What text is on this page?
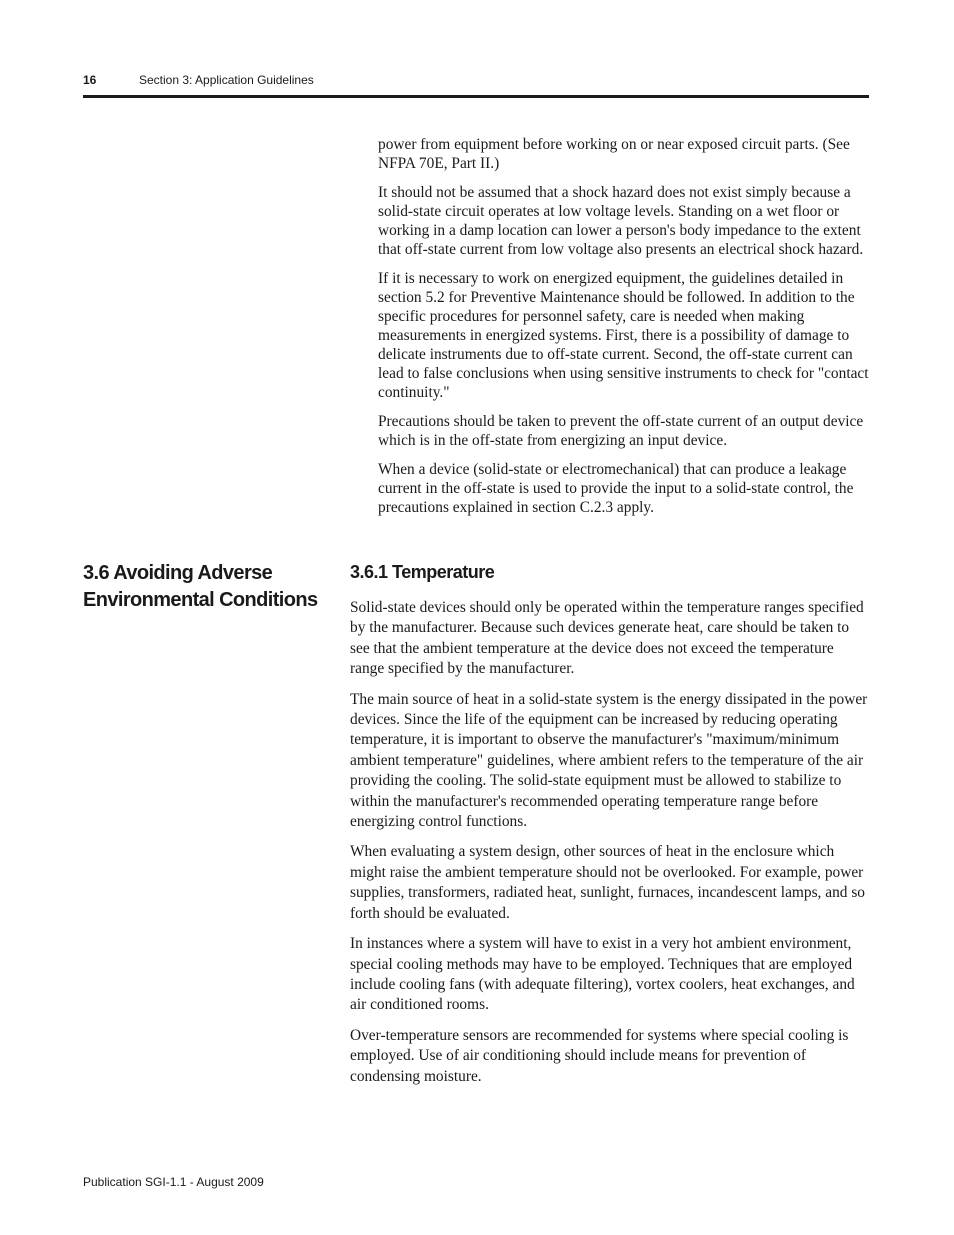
16	Section 3: Application Guidelines

power from equipment before working on or near exposed circuit parts. (See NFPA 70E, Part II.)

It should not be assumed that a shock hazard does not exist simply because a solid-state circuit operates at low voltage levels. Standing on a wet floor or working in a damp location can lower a person's body impedance to the extent that off-state current from low voltage also presents an electrical shock hazard.

If it is necessary to work on energized equipment, the guidelines detailed in section 5.2 for Preventive Maintenance should be followed. In addition to the specific procedures for personnel safety, care is needed when making measurements in energized systems. First, there is a possibility of damage to delicate instruments due to off-state current. Second, the off-state current can lead to false conclusions when using sensitive instruments to check for "contact continuity."

Precautions should be taken to prevent the off-state current of an output device which is in the off-state from energizing an input device.

When a device (solid-state or electromechanical) that can produce a leakage current in the off-state is used to provide the input to a solid-state control, the precautions explained in section C.2.3 apply.

3.6 Avoiding Adverse Environmental Conditions
3.6.1 Temperature

Solid-state devices should only be operated within the temperature ranges specified by the manufacturer. Because such devices generate heat, care should be taken to see that the ambient temperature at the device does not exceed the temperature range specified by the manufacturer.

The main source of heat in a solid-state system is the energy dissipated in the power devices. Since the life of the equipment can be increased by reducing operating temperature, it is important to observe the manufacturer's "maximum/minimum ambient temperature" guidelines, where ambient refers to the temperature of the air providing the cooling. The solid-state equipment must be allowed to stabilize to within the manufacturer's recommended operating temperature range before energizing control functions.

When evaluating a system design, other sources of heat in the enclosure which might raise the ambient temperature should not be overlooked. For example, power supplies, transformers, radiated heat, sunlight, furnaces, incandescent lamps, and so forth should be evaluated.

In instances where a system will have to exist in a very hot ambient environment, special cooling methods may have to be employed. Techniques that are employed include cooling fans (with adequate filtering), vortex coolers, heat exchanges, and air conditioned rooms.

Over-temperature sensors are recommended for systems where special cooling is employed. Use of air conditioning should include means for prevention of condensing moisture.

Publication SGI-1.1 - August 2009
